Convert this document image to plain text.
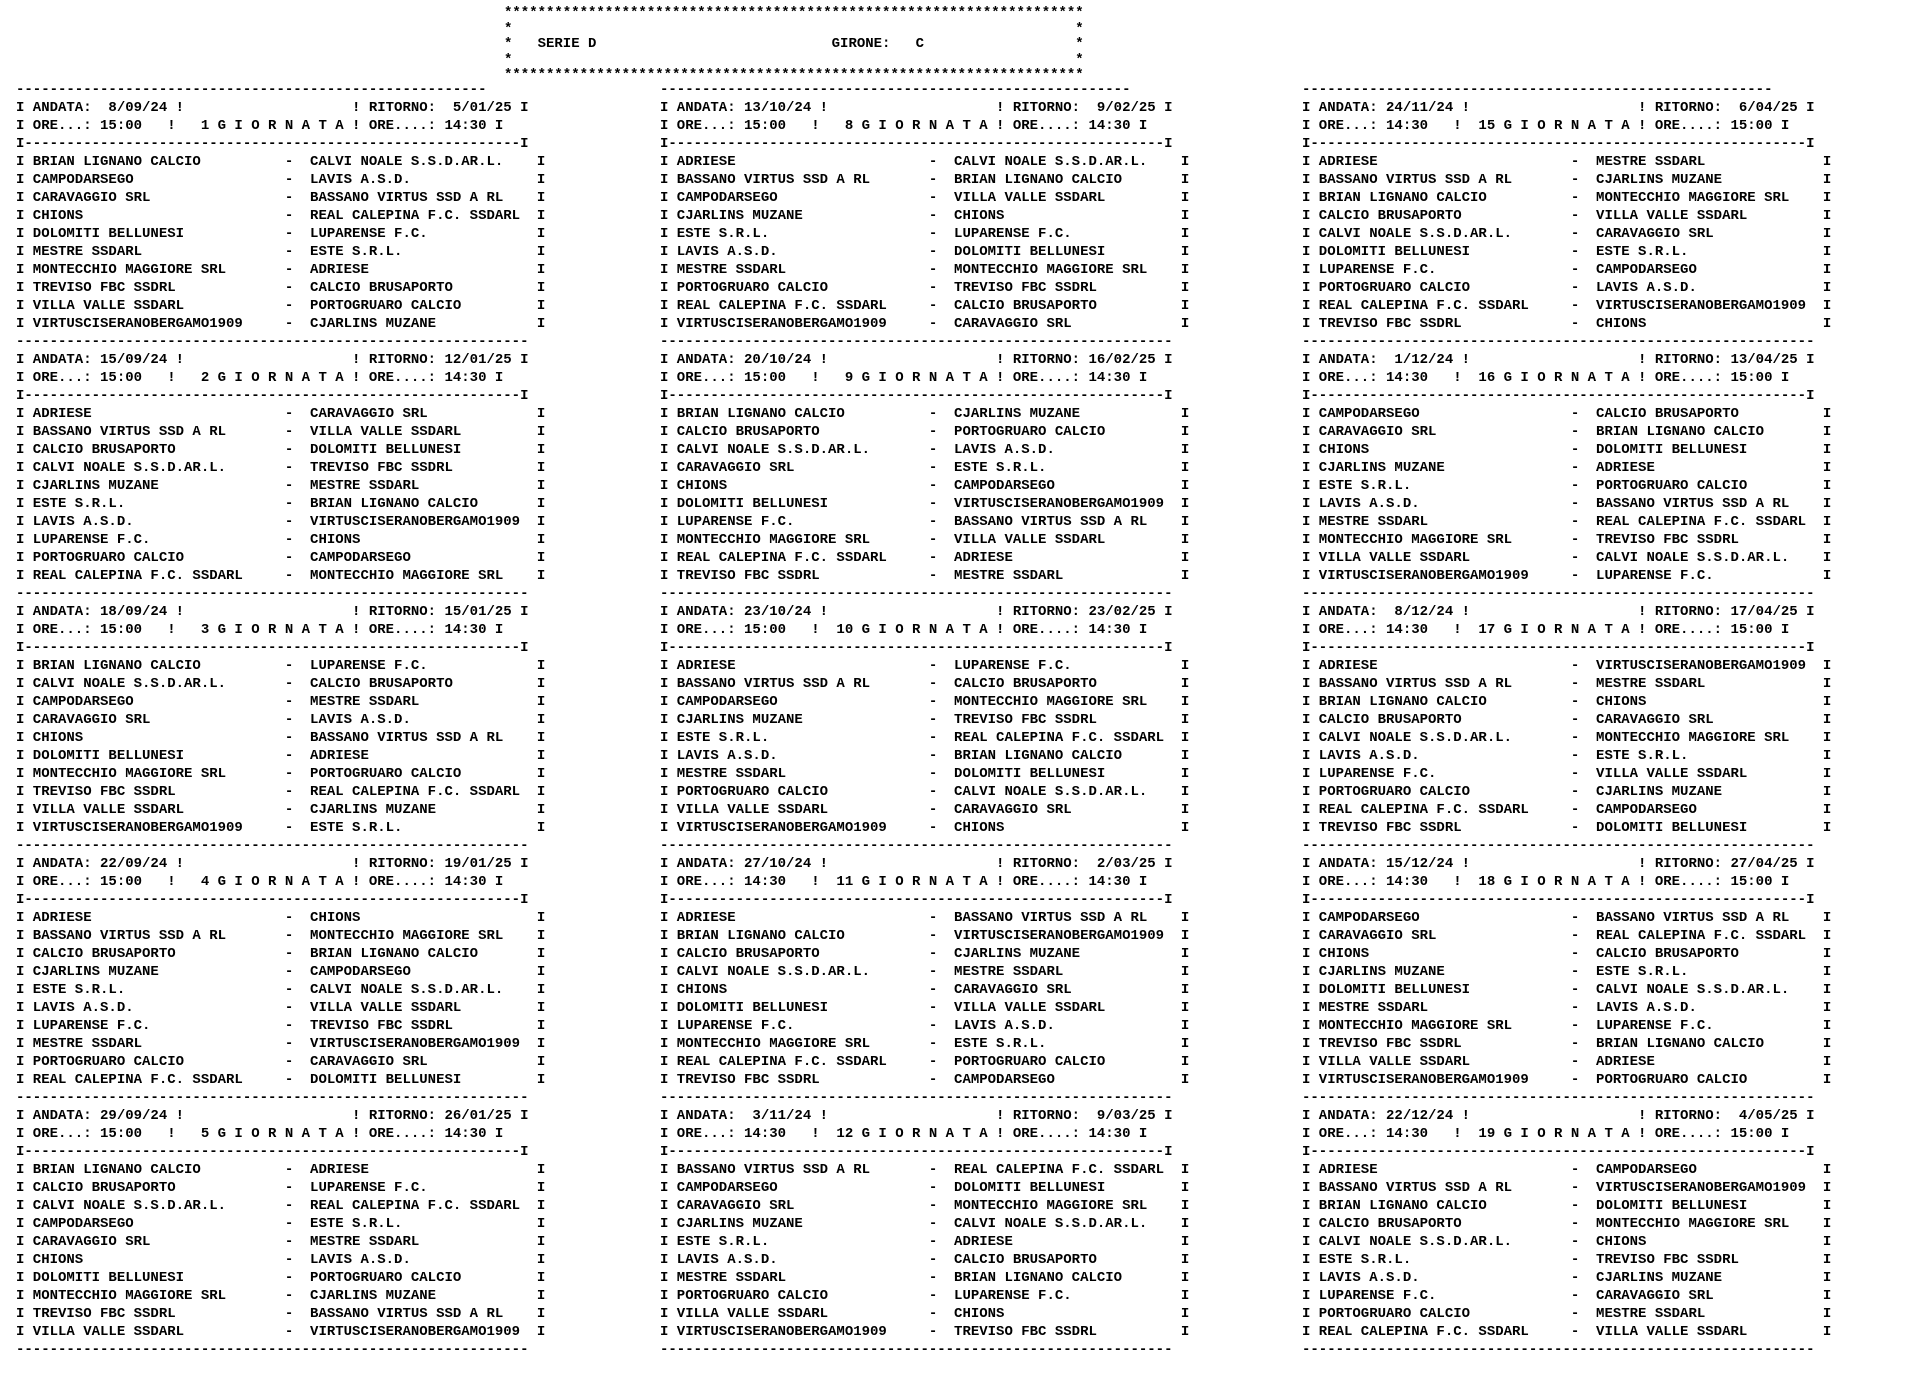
*********************************************************************
*                                                                   *
*   SERIE D                            GIRONE:   C                  *
*                                                                   *
*********************************************************************
I ANDATA:  8/09/24 !                    ! RITORNO:  5/01/25 I
I ORE...: 15:00   !   1 G I O R N A T A ! ORE....: 14:30 I
I-----------------------------------------------------------I
I BRIAN LIGNANO CALCIO          -  CALVI NOALE S.S.D.AR.L.    I
I CAMPODARSEGO                  -  LAVIS A.S.D.               I
I CARAVAGGIO SRL                -  BASSANO VIRTUS SSD A RL    I
I CHIONS                        -  REAL CALEPINA F.C. SSDARL  I
I DOLOMITI BELLUNESI            -  LUPARENSE F.C.             I
I MESTRE SSDARL                 -  ESTE S.R.L.                I
I MONTECCHIO MAGGIORE SRL       -  ADRIESE                    I
I TREVISO FBC SSDRL             -  CALCIO BRUSAPORTO          I
I VILLA VALLE SSDARL            -  PORTOGRUARO CALCIO         I
I VIRTUSCISERANOBERGAMO1909     -  CJARLINS MUZANE            I
-------------------------------------------------------------
I ANDATA: 15/09/24 !                    ! RITORNO: 12/01/25 I
I ORE...: 15:00   !   2 G I O R N A T A ! ORE....: 14:30 I
I-----------------------------------------------------------I
I ADRIESE                       -  CARAVAGGIO SRL             I
I BASSANO VIRTUS SSD A RL       -  VILLA VALLE SSDARL         I
I CALCIO BRUSAPORTO             -  DOLOMITI BELLUNESI         I
I CALVI NOALE S.S.D.AR.L.       -  TREVISO FBC SSDRL          I
I CJARLINS MUZANE               -  MESTRE SSDARL              I
I ESTE S.R.L.                   -  BRIAN LIGNANO CALCIO       I
I LAVIS A.S.D.                  -  VIRTUSCISERANOBERGAMO1909  I
I LUPARENSE F.C.                -  CHIONS                     I
I PORTOGRUARO CALCIO            -  CAMPODARSEGO               I
I REAL CALEPINA F.C. SSDARL     -  MONTECCHIO MAGGIORE SRL    I
-------------------------------------------------------------
I ANDATA: 18/09/24 !                    ! RITORNO: 15/01/25 I
I ORE...: 15:00   !   3 G I O R N A T A ! ORE....: 14:30 I
I-----------------------------------------------------------I
I BRIAN LIGNANO CALCIO          -  LUPARENSE F.C.             I
I CALVI NOALE S.S.D.AR.L.       -  CALCIO BRUSAPORTO          I
I CAMPODARSEGO                  -  MESTRE SSDARL              I
I CARAVAGGIO SRL                -  LAVIS A.S.D.               I
I CHIONS                        -  BASSANO VIRTUS SSD A RL    I
I DOLOMITI BELLUNESI            -  ADRIESE                    I
I MONTECCHIO MAGGIORE SRL       -  PORTOGRUARO CALCIO         I
I TREVISO FBC SSDRL             -  REAL CALEPINA F.C. SSDARL  I
I VILLA VALLE SSDARL            -  CJARLINS MUZANE            I
I VIRTUSCISERANOBERGAMO1909     -  ESTE S.R.L.                I
-------------------------------------------------------------
I ANDATA: 22/09/24 !                    ! RITORNO: 19/01/25 I
I ORE...: 15:00   !   4 G I O R N A T A ! ORE....: 14:30 I
I-----------------------------------------------------------I
I ADRIESE                       -  CHIONS                     I
I BASSANO VIRTUS SSD A RL       -  MONTECCHIO MAGGIORE SRL    I
I CALCIO BRUSAPORTO             -  BRIAN LIGNANO CALCIO       I
I CJARLINS MUZANE               -  CAMPODARSEGO               I
I ESTE S.R.L.                   -  CALVI NOALE S.S.D.AR.L.    I
I LAVIS A.S.D.                  -  VILLA VALLE SSDARL         I
I LUPARENSE F.C.                -  TREVISO FBC SSDRL          I
I MESTRE SSDARL                 -  VIRTUSCISERANOBERGAMO1909  I
I PORTOGRUARO CALCIO            -  CARAVAGGIO SRL             I
I REAL CALEPINA F.C. SSDARL     -  DOLOMITI BELLUNESI         I
-------------------------------------------------------------
I ANDATA: 29/09/24 !                    ! RITORNO: 26/01/25 I
I ORE...: 15:00   !   5 G I O R N A T A ! ORE....: 14:30 I
I-----------------------------------------------------------I
I BRIAN LIGNANO CALCIO          -  ADRIESE                    I
I CALCIO BRUSAPORTO             -  LUPARENSE F.C.             I
I CALVI NOALE S.S.D.AR.L.       -  REAL CALEPINA F.C. SSDARL  I
I CAMPODARSEGO                  -  ESTE S.R.L.                I
I CARAVAGGIO SRL                -  MESTRE SSDARL              I
I CHIONS                        -  LAVIS A.S.D.               I
I DOLOMITI BELLUNESI            -  PORTOGRUARO CALCIO         I
I MONTECCHIO MAGGIORE SRL       -  CJARLINS MUZANE            I
I TREVISO FBC SSDRL             -  BASSANO VIRTUS SSD A RL    I
I VILLA VALLE SSDARL            -  VIRTUSCISERANOBERGAMO1909  I
-------------------------------------------------------------
--------------------------------------------------------
I ANDATA: 13/10/24 !                    ! RITORNO:  9/02/25 I
I ORE...: 15:00   !   8 G I O R N A T A ! ORE....: 14:30 I
I-----------------------------------------------------------I
I ADRIESE                       -  CALVI NOALE S.S.D.AR.L.    I
I BASSANO VIRTUS SSD A RL       -  BRIAN LIGNANO CALCIO       I
I CAMPODARSEGO                  -  VILLA VALLE SSDARL         I
I CJARLINS MUZANE               -  CHIONS                     I
I ESTE S.R.L.                   -  LUPARENSE F.C.             I
I LAVIS A.S.D.                  -  DOLOMITI BELLUNESI         I
I MESTRE SSDARL                 -  MONTECCHIO MAGGIORE SRL    I
I PORTOGRUARO CALCIO            -  TREVISO FBC SSDRL          I
I REAL CALEPINA F.C. SSDARL     -  CALCIO BRUSAPORTO          I
I VIRTUSCISERANOBERGAMO1909     -  CARAVAGGIO SRL             I
-------------------------------------------------------------
I ANDATA: 20/10/24 !                    ! RITORNO: 16/02/25 I
I ORE...: 15:00   !   9 G I O R N A T A ! ORE....: 14:30 I
I-----------------------------------------------------------I
I BRIAN LIGNANO CALCIO          -  CJARLINS MUZANE            I
I CALCIO BRUSAPORTO             -  PORTOGRUARO CALCIO         I
I CALVI NOALE S.S.D.AR.L.       -  LAVIS A.S.D.               I
I CARAVAGGIO SRL                -  ESTE S.R.L.                I
I CHIONS                        -  CAMPODARSEGO               I
I DOLOMITI BELLUNESI            -  VIRTUSCISERANOBERGAMO1909  I
I LUPARENSE F.C.                -  BASSANO VIRTUS SSD A RL    I
I MONTECCHIO MAGGIORE SRL       -  VILLA VALLE SSDARL         I
I REAL CALEPINA F.C. SSDARL     -  ADRIESE                    I
I TREVISO FBC SSDRL             -  MESTRE SSDARL              I
-------------------------------------------------------------
I ANDATA: 23/10/24 !                    ! RITORNO: 23/02/25 I
I ORE...: 15:00   !  10 G I O R N A T A ! ORE....: 14:30 I
I-----------------------------------------------------------I
I ADRIESE                       -  LUPARENSE F.C.             I
I BASSANO VIRTUS SSD A RL       -  CALCIO BRUSAPORTO          I
I CAMPODARSEGO                  -  MONTECCHIO MAGGIORE SRL    I
I CJARLINS MUZANE               -  TREVISO FBC SSDRL          I
I ESTE S.R.L.                   -  REAL CALEPINA F.C. SSDARL  I
I LAVIS A.S.D.                  -  BRIAN LIGNANO CALCIO       I
I MESTRE SSDARL                 -  DOLOMITI BELLUNESI         I
I PORTOGRUARO CALCIO            -  CALVI NOALE S.S.D.AR.L.    I
I VILLA VALLE SSDARL            -  CARAVAGGIO SRL             I
I VIRTUSCISERANOBERGAMO1909     -  CHIONS                     I
-------------------------------------------------------------
I ANDATA: 27/10/24 !                    ! RITORNO:  2/03/25 I
I ORE...: 14:30   !  11 G I O R N A T A ! ORE....: 14:30 I
I-----------------------------------------------------------I
I ADRIESE                       -  BASSANO VIRTUS SSD A RL    I
I BRIAN LIGNANO CALCIO          -  VIRTUSCISERANOBERGAMO1909  I
I CALCIO BRUSAPORTO             -  CJARLINS MUZANE            I
I CALVI NOALE S.S.D.AR.L.       -  MESTRE SSDARL              I
I CHIONS                        -  CARAVAGGIO SRL             I
I DOLOMITI BELLUNESI            -  VILLA VALLE SSDARL         I
I LUPARENSE F.C.                -  LAVIS A.S.D.               I
I MONTECCHIO MAGGIORE SRL       -  ESTE S.R.L.                I
I REAL CALEPINA F.C. SSDARL     -  PORTOGRUARO CALCIO         I
I TREVISO FBC SSDRL             -  CAMPODARSEGO               I
-------------------------------------------------------------
I ANDATA:  3/11/24 !                    ! RITORNO:  9/03/25 I
I ORE...: 14:30   !  12 G I O R N A T A ! ORE....: 14:30 I
I-----------------------------------------------------------I
I BASSANO VIRTUS SSD A RL       -  REAL CALEPINA F.C. SSDARL  I
I CAMPODARSEGO                  -  DOLOMITI BELLUNESI         I
I CARAVAGGIO SRL                -  MONTECCHIO MAGGIORE SRL    I
I CJARLINS MUZANE               -  CALVI NOALE S.S.D.AR.L.    I
I ESTE S.R.L.                   -  ADRIESE                    I
I LAVIS A.S.D.                  -  CALCIO BRUSAPORTO          I
I MESTRE SSDARL                 -  BRIAN LIGNANO CALCIO       I
I PORTOGRUARO CALCIO            -  LUPARENSE F.C.             I
I VILLA VALLE SSDARL            -  CHIONS                     I
I VIRTUSCISERANOBERGAMO1909     -  TREVISO FBC SSDRL          I
-------------------------------------------------------------
--------------------------------------------------------
I ANDATA: 24/11/24 !                    ! RITORNO:  6/04/25 I
I ORE...: 14:30   !  15 G I O R N A T A ! ORE....: 15:00 I
I-----------------------------------------------------------I
I ADRIESE                       -  MESTRE SSDARL              I
I BASSANO VIRTUS SSD A RL       -  CJARLINS MUZANE            I
I BRIAN LIGNANO CALCIO          -  MONTECCHIO MAGGIORE SRL    I
I CALCIO BRUSAPORTO             -  VILLA VALLE SSDARL         I
I CALVI NOALE S.S.D.AR.L.       -  CARAVAGGIO SRL             I
I DOLOMITI BELLUNESI            -  ESTE S.R.L.                I
I LUPARENSE F.C.                -  CAMPODARSEGO               I
I PORTOGRUARO CALCIO            -  LAVIS A.S.D.               I
I REAL CALEPINA F.C. SSDARL     -  VIRTUSCISERANOBERGAMO1909  I
I TREVISO FBC SSDRL             -  CHIONS                     I
-------------------------------------------------------------
I ANDATA:  1/12/24 !                    ! RITORNO: 13/04/25 I
I ORE...: 14:30   !  16 G I O R N A T A ! ORE....: 15:00 I
I-----------------------------------------------------------I
I CAMPODARSEGO                  -  CALCIO BRUSAPORTO          I
I CARAVAGGIO SRL                -  BRIAN LIGNANO CALCIO       I
I CHIONS                        -  DOLOMITI BELLUNESI         I
I CJARLINS MUZANE               -  ADRIESE                    I
I ESTE S.R.L.                   -  PORTOGRUARO CALCIO         I
I LAVIS A.S.D.                  -  BASSANO VIRTUS SSD A RL    I
I MESTRE SSDARL                 -  REAL CALEPINA F.C. SSDARL  I
I MONTECCHIO MAGGIORE SRL       -  TREVISO FBC SSDRL          I
I VILLA VALLE SSDARL            -  CALVI NOALE S.S.D.AR.L.    I
I VIRTUSCISERANOBERGAMO1909     -  LUPARENSE F.C.             I
-------------------------------------------------------------
I ANDATA:  8/12/24 !                    ! RITORNO: 17/04/25 I
I ORE...: 14:30   !  17 G I O R N A T A ! ORE....: 15:00 I
I-----------------------------------------------------------I
I ADRIESE                       -  VIRTUSCISERANOBERGAMO1909  I
I BASSANO VIRTUS SSD A RL       -  MESTRE SSDARL              I
I BRIAN LIGNANO CALCIO          -  CHIONS                     I
I CALCIO BRUSAPORTO             -  CARAVAGGIO SRL             I
I CALVI NOALE S.S.D.AR.L.       -  MONTECCHIO MAGGIORE SRL    I
I LAVIS A.S.D.                  -  ESTE S.R.L.                I
I LUPARENSE F.C.                -  VILLA VALLE SSDARL         I
I PORTOGRUARO CALCIO            -  CJARLINS MUZANE            I
I REAL CALEPINA F.C. SSDARL     -  CAMPODARSEGO               I
I TREVISO FBC SSDRL             -  DOLOMITI BELLUNESI         I
-------------------------------------------------------------
I ANDATA: 15/12/24 !                    ! RITORNO: 27/04/25 I
I ORE...: 14:30   !  18 G I O R N A T A ! ORE....: 15:00 I
I-----------------------------------------------------------I
I CAMPODARSEGO                  -  BASSANO VIRTUS SSD A RL    I
I CARAVAGGIO SRL                -  REAL CALEPINA F.C. SSDARL  I
I CHIONS                        -  CALCIO BRUSAPORTO          I
I CJARLINS MUZANE               -  ESTE S.R.L.                I
I DOLOMITI BELLUNESI            -  CALVI NOALE S.S.D.AR.L.    I
I MESTRE SSDARL                 -  LAVIS A.S.D.               I
I MONTECCHIO MAGGIORE SRL       -  LUPARENSE F.C.             I
I TREVISO FBC SSDRL             -  BRIAN LIGNANO CALCIO       I
I VILLA VALLE SSDARL            -  ADRIESE                    I
I VIRTUSCISERANOBERGAMO1909     -  PORTOGRUARO CALCIO         I
-------------------------------------------------------------
I ANDATA: 22/12/24 !                    ! RITORNO:  4/05/25 I
I ORE...: 14:30   !  19 G I O R N A T A ! ORE....: 15:00 I
I-----------------------------------------------------------I
I ADRIESE                       -  CAMPODARSEGO               I
I BASSANO VIRTUS SSD A RL       -  VIRTUSCISERANOBERGAMO1909  I
I BRIAN LIGNANO CALCIO          -  DOLOMITI BELLUNESI         I
I CALCIO BRUSAPORTO             -  MONTECCHIO MAGGIORE SRL    I
I CALVI NOALE S.S.D.AR.L.       -  CHIONS                     I
I ESTE S.R.L.                   -  TREVISO FBC SSDRL          I
I LAVIS A.S.D.                  -  CJARLINS MUZANE            I
I LUPARENSE F.C.                -  CARAVAGGIO SRL             I
I PORTOGRUARO CALCIO            -  MESTRE SSDARL              I
I REAL CALEPINA F.C. SSDARL     -  VILLA VALLE SSDARL         I
-------------------------------------------------------------
--------------------------------------------------------
